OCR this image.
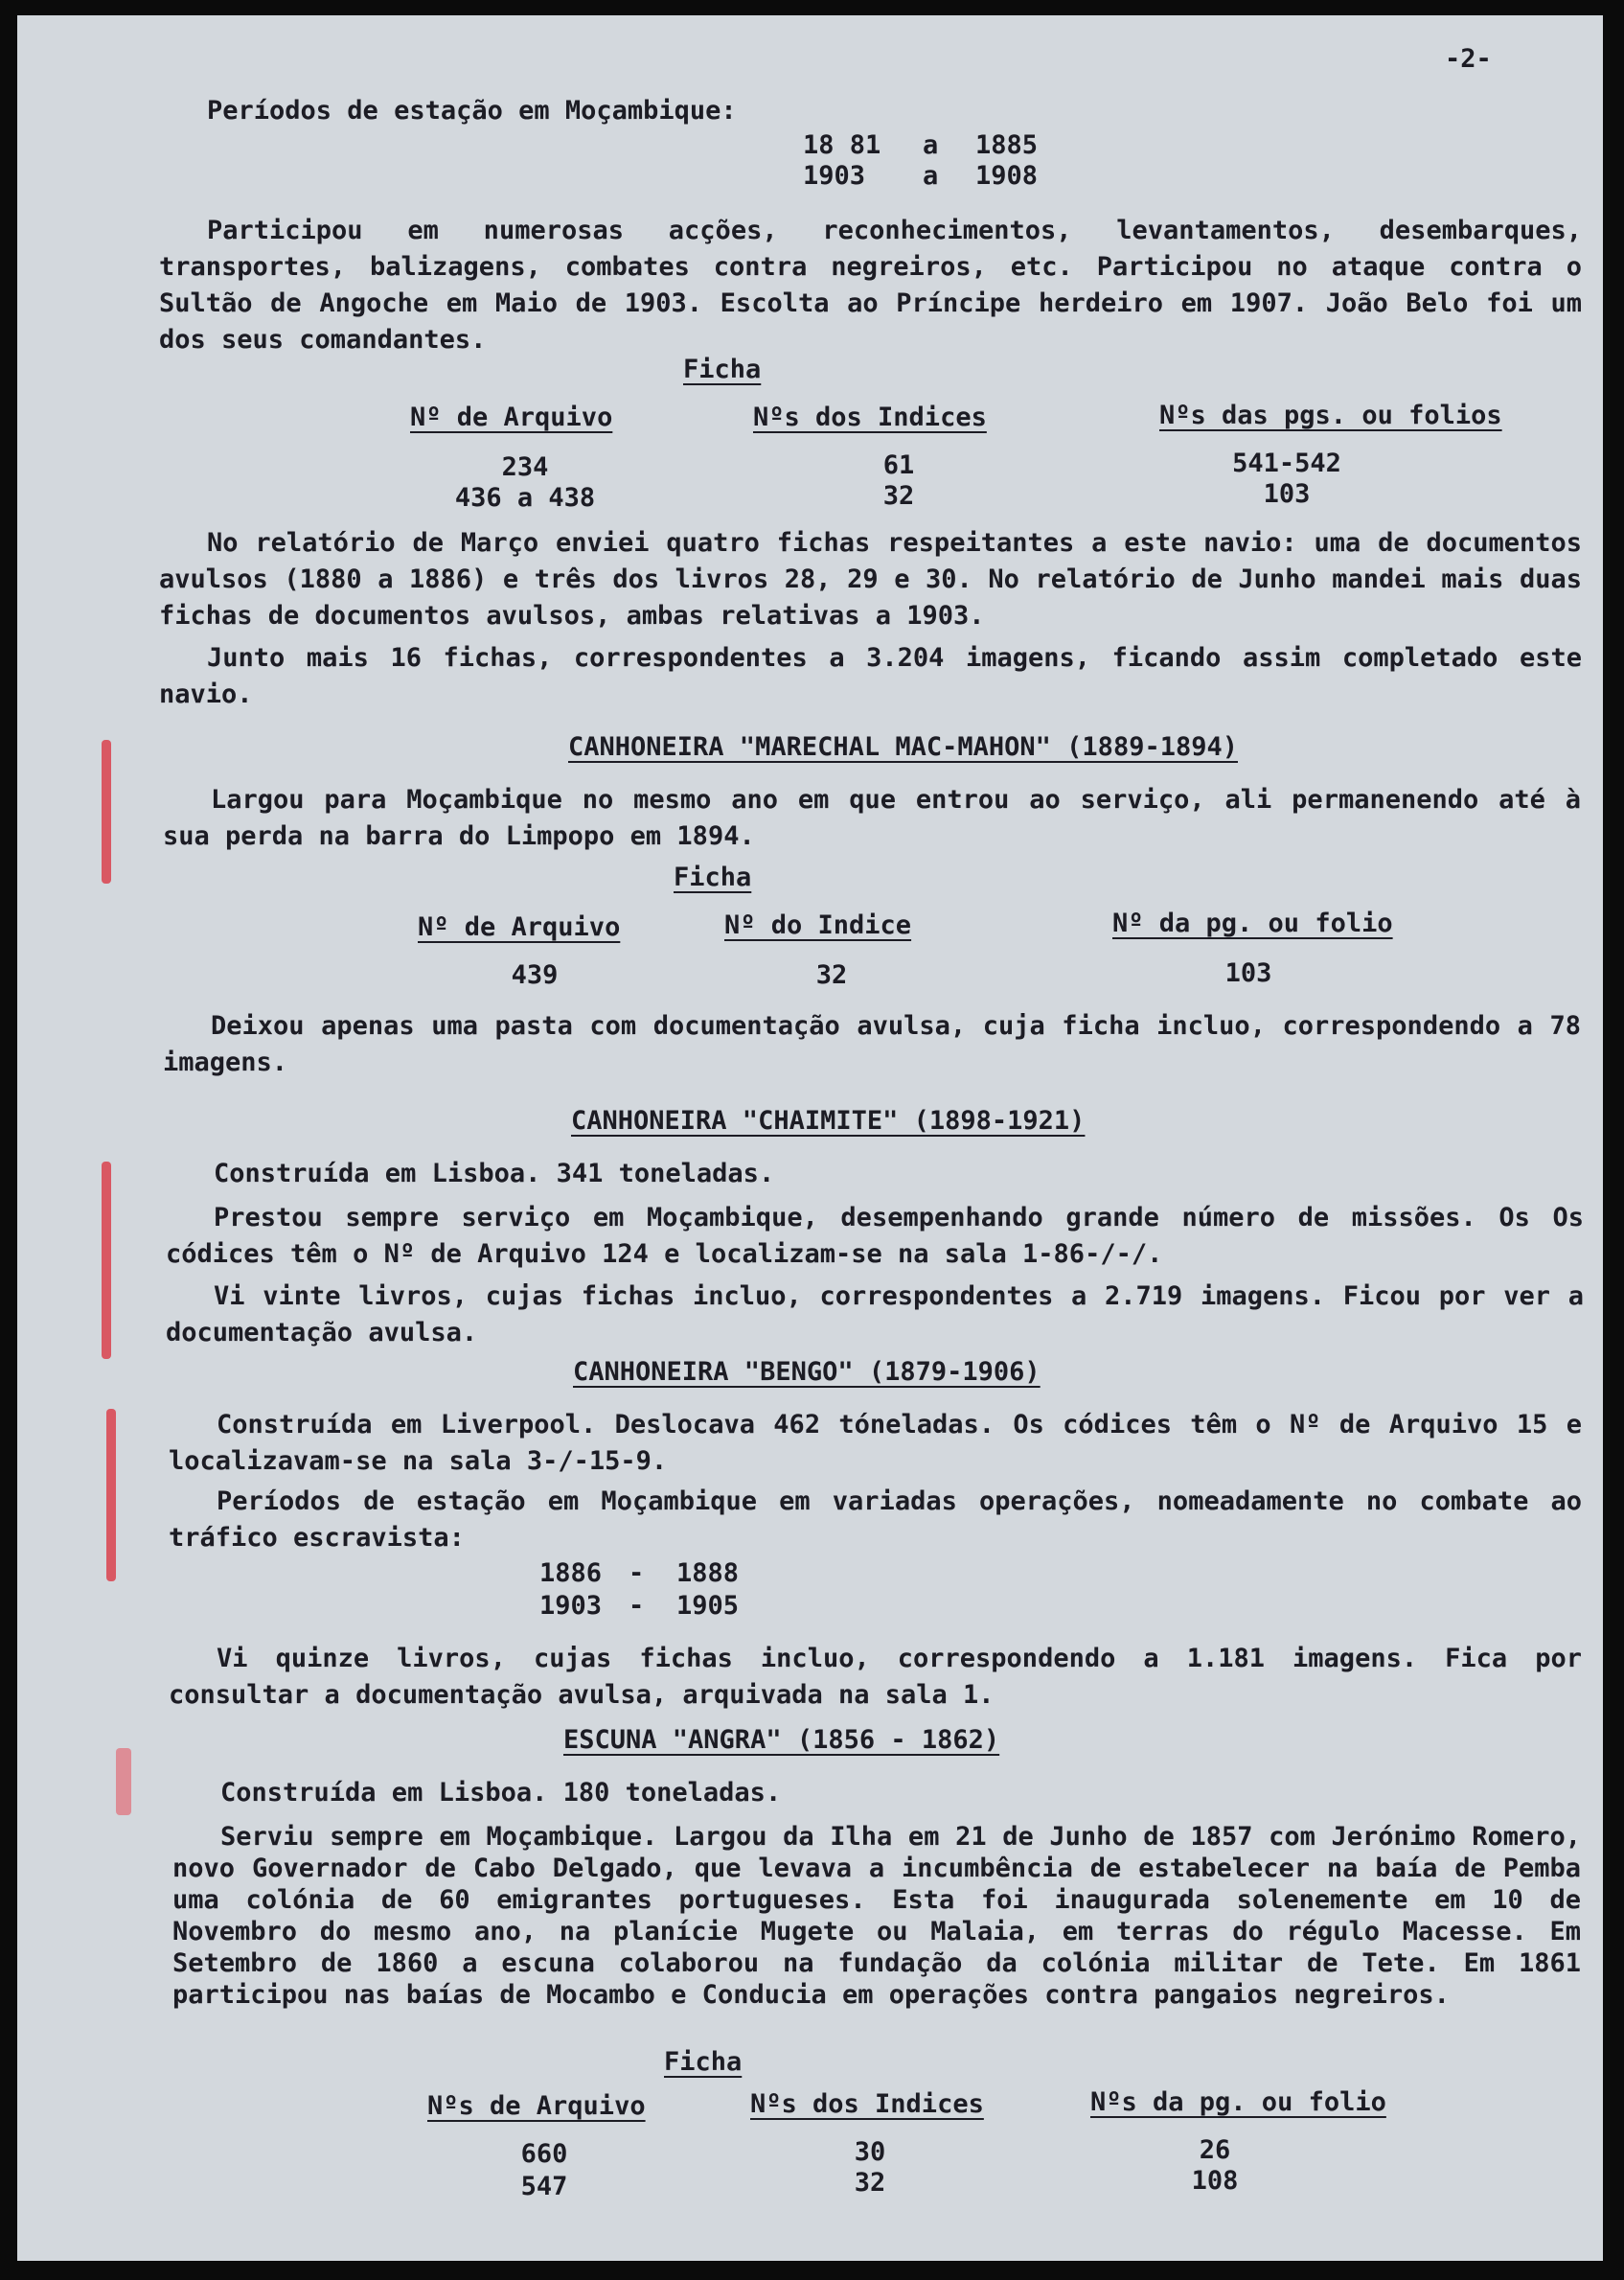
-2-
Períodos de estação em Moçambique:
18 81 a 1885
1903 a 1908
Participou em numerosas acções, reconhecimentos, levantamentos, desembarques, transportes, balizagens, combates contra negreiros, etc. Participou no ataque contra o Sultão de Angoche em Maio de 1903. Escolta ao Príncipe herdeiro em 1907. João Belo foi um dos seus comandantes.
Ficha
Nº de Arquivo	Nºs dos Indices	Nºs das pgs. ou folios
234	61	541-542
436 a 438	32	103
No relatório de Março enviei quatro fichas respeitantes a este navio: uma de documentos avulsos (1880 a 1886) e três dos livros 28, 29 e 30. No relatório de Junho mandei mais duas fichas de documentos avulsos, ambas relativas a 1903.
Junto mais 16 fichas, correspondentes a 3.204 imagens, ficando assim completado este navio.
CANHONEIRA "MARECHAL MAC-MAHON" (1889-1894)
Largou para Moçambique no mesmo ano em que entrou ao serviço, ali permanenendo até à sua perda na barra do Limpopo em 1894.
Ficha
Nº de Arquivo	Nº do Indice	Nº da pg. ou folio
439	32	103
Deixou apenas uma pasta com documentação avulsa, cuja ficha incluo, correspondendo a 78 imagens.
CANHONEIRA "CHAIMITE" (1898-1921)
Construída em Lisboa. 341 toneladas.
Prestou sempre serviço em Moçambique, desempenhando grande número de missões. Os Os códices têm o Nº de Arquivo 124 e localizam-se na sala 1-86-/-/.
Vi vinte livros, cujas fichas incluo, correspondentes a 2.719 imagens. Ficou por ver a documentação avulsa.
CANHONEIRA "BENGO" (1879-1906)
Construída em Liverpool. Deslocava 462 tóneladas. Os códices têm o Nº de Arquivo 15 e localizavam-se na sala 3-/-15-9.
Períodos de estação em Moçambique em variadas operações, nomeadamente no combate ao tráfico escravista:
1886 - 1888
1903 - 1905
Vi quinze livros, cujas fichas incluo, correspondendo a 1.181 imagens. Fica por consultar a documentação avulsa, arquivada na sala 1.
ESCUNA "ANGRA" (1856 - 1862)
Construída em Lisboa. 180 toneladas.
Serviu sempre em Moçambique. Largou da Ilha em 21 de Junho de 1857 com Jerónimo Romero, novo Governador de Cabo Delgado, que levava a incumbência de estabelecer na baía de Pemba uma colónia de 60 emigrantes portugueses. Esta foi inaugurada solenemente em 10 de Novembro do mesmo ano, na planície Mugete ou Malaia, em terras do régulo Macesse. Em Setembro de 1860 a escuna colaborou na fundação da colónia militar de Tete. Em 1861 participou nas baías de Mocambo e Conducia em operações contra pangaios negreiros.
Ficha
Nºs de Arquivo	Nºs dos Indices	Nºs da pg. ou folio
660	30	26
547	32	108
